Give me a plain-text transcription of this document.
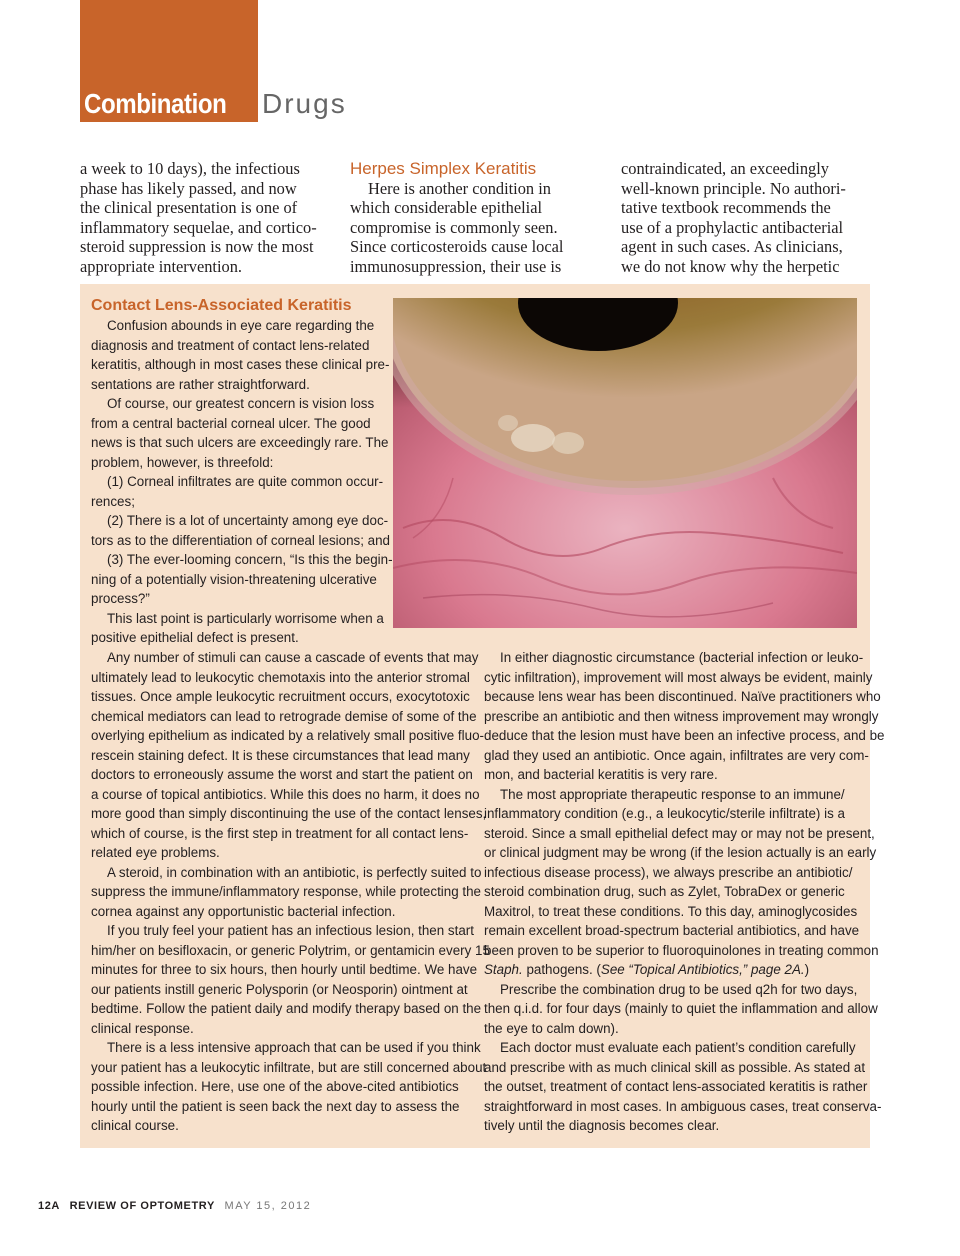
Combination Drugs

a week to 10 days), the infectious

phase has likely passed, and now

the clinical presentation is one of

inflammatory sequelae, and cortico-

steroid suppression is now the most

appropriate intervention.

Herpes Simplex Keratitis

Here is another condition in

which considerable epithelial

compromise is commonly seen.

Since corticosteroids cause local

immunosuppression, their use is

contraindicated, an exceedingly

well-known principle. No authori-

tative textbook recommends the

use of a prophylactic antibacterial

agent in such cases. As clinicians,

we do not know why the herpetic

Contact Lens-Associated Keratitis
Confusion abounds in eye care regarding the
diagnosis and treatment of contact lens-related
keratitis, although in most cases these clinical pre-
sentations are rather straightforward.
Of course, our greatest concern is vision loss
from a central bacterial corneal ulcer. The good
news is that such ulcers are exceedingly rare. The
problem, however, is threefold:
(1) Corneal infiltrates are quite common occur-
rences;
(2) There is a lot of uncertainty among eye doc-
tors as to the differentiation of corneal lesions; and
(3) The ever-looming concern, “Is this the begin-
ning of a potentially vision-threatening ulcerative
process?”
This last point is particularly worrisome when a
positive epithelial defect is present.
Any number of stimuli can cause a cascade of events that may
ultimately lead to leukocytic chemotaxis into the anterior stromal
tissues. Once ample leukocytic recruitment occurs, exocytotoxic
chemical mediators can lead to retrograde demise of some of the
overlying epithelium as indicated by a relatively small positive fluo-
rescein staining defect. It is these circumstances that lead many
doctors to erroneously assume the worst and start the patient on
a course of topical antibiotics. While this does no harm, it does no
more good than simply discontinuing the use of the contact lenses,
which of course, is the first step in treatment for all contact lens-
related eye problems.
A steroid, in combination with an antibiotic, is perfectly suited to
suppress the immune/inflammatory response, while protecting the
cornea against any opportunistic bacterial infection.
If you truly feel your patient has an infectious lesion, then start
him/her on besifloxacin, or generic Polytrim, or gentamicin every 15
minutes for three to six hours, then hourly until bedtime. We have
our patients instill generic Polysporin (or Neosporin) ointment at
bedtime. Follow the patient daily and modify therapy based on the
clinical response.
There is a less intensive approach that can be used if you think
your patient has a leukocytic infiltrate, but are still concerned about
possible infection. Here, use one of the above-cited antibiotics
hourly until the patient is seen back the next day to assess the
clinical course.
In either diagnostic circumstance (bacterial infection or leuko-
cytic infiltration), improvement will most always be evident, mainly
because lens wear has been discontinued. Naïve practitioners who
prescribe an antibiotic and then witness improvement may wrongly
deduce that the lesion must have been an infective process, and be
glad they used an antibiotic. Once again, infiltrates are very com-
mon, and bacterial keratitis is very rare.
The most appropriate therapeutic response to an immune/
inflammatory condition (e.g., a leukocytic/sterile infiltrate) is a
steroid. Since a small epithelial defect may or may not be present,
or clinical judgment may be wrong (if the lesion actually is an early
infectious disease process), we always prescribe an antibiotic/
steroid combination drug, such as Zylet, TobraDex or generic
Maxitrol, to treat these conditions. To this day, aminoglycosides
remain excellent broad-spectrum bacterial antibiotics, and have
been proven to be superior to fluoroquinolones in treating common
Staph. pathogens. (See “Topical Antibiotics,” page 2A.)
Prescribe the combination drug to be used q2h for two days,
then q.i.d. for four days (mainly to quiet the inflammation and allow
the eye to calm down).
Each doctor must evaluate each patient’s condition carefully
and prescribe with as much clinical skill as possible. As stated at
the outset, treatment of contact lens-associated keratitis is rather
straightforward in most cases. In ambiguous cases, treat conserva-
tively until the diagnosis becomes clear.
12A REVIEW OF OPTOMETRY MAY 15, 2012
